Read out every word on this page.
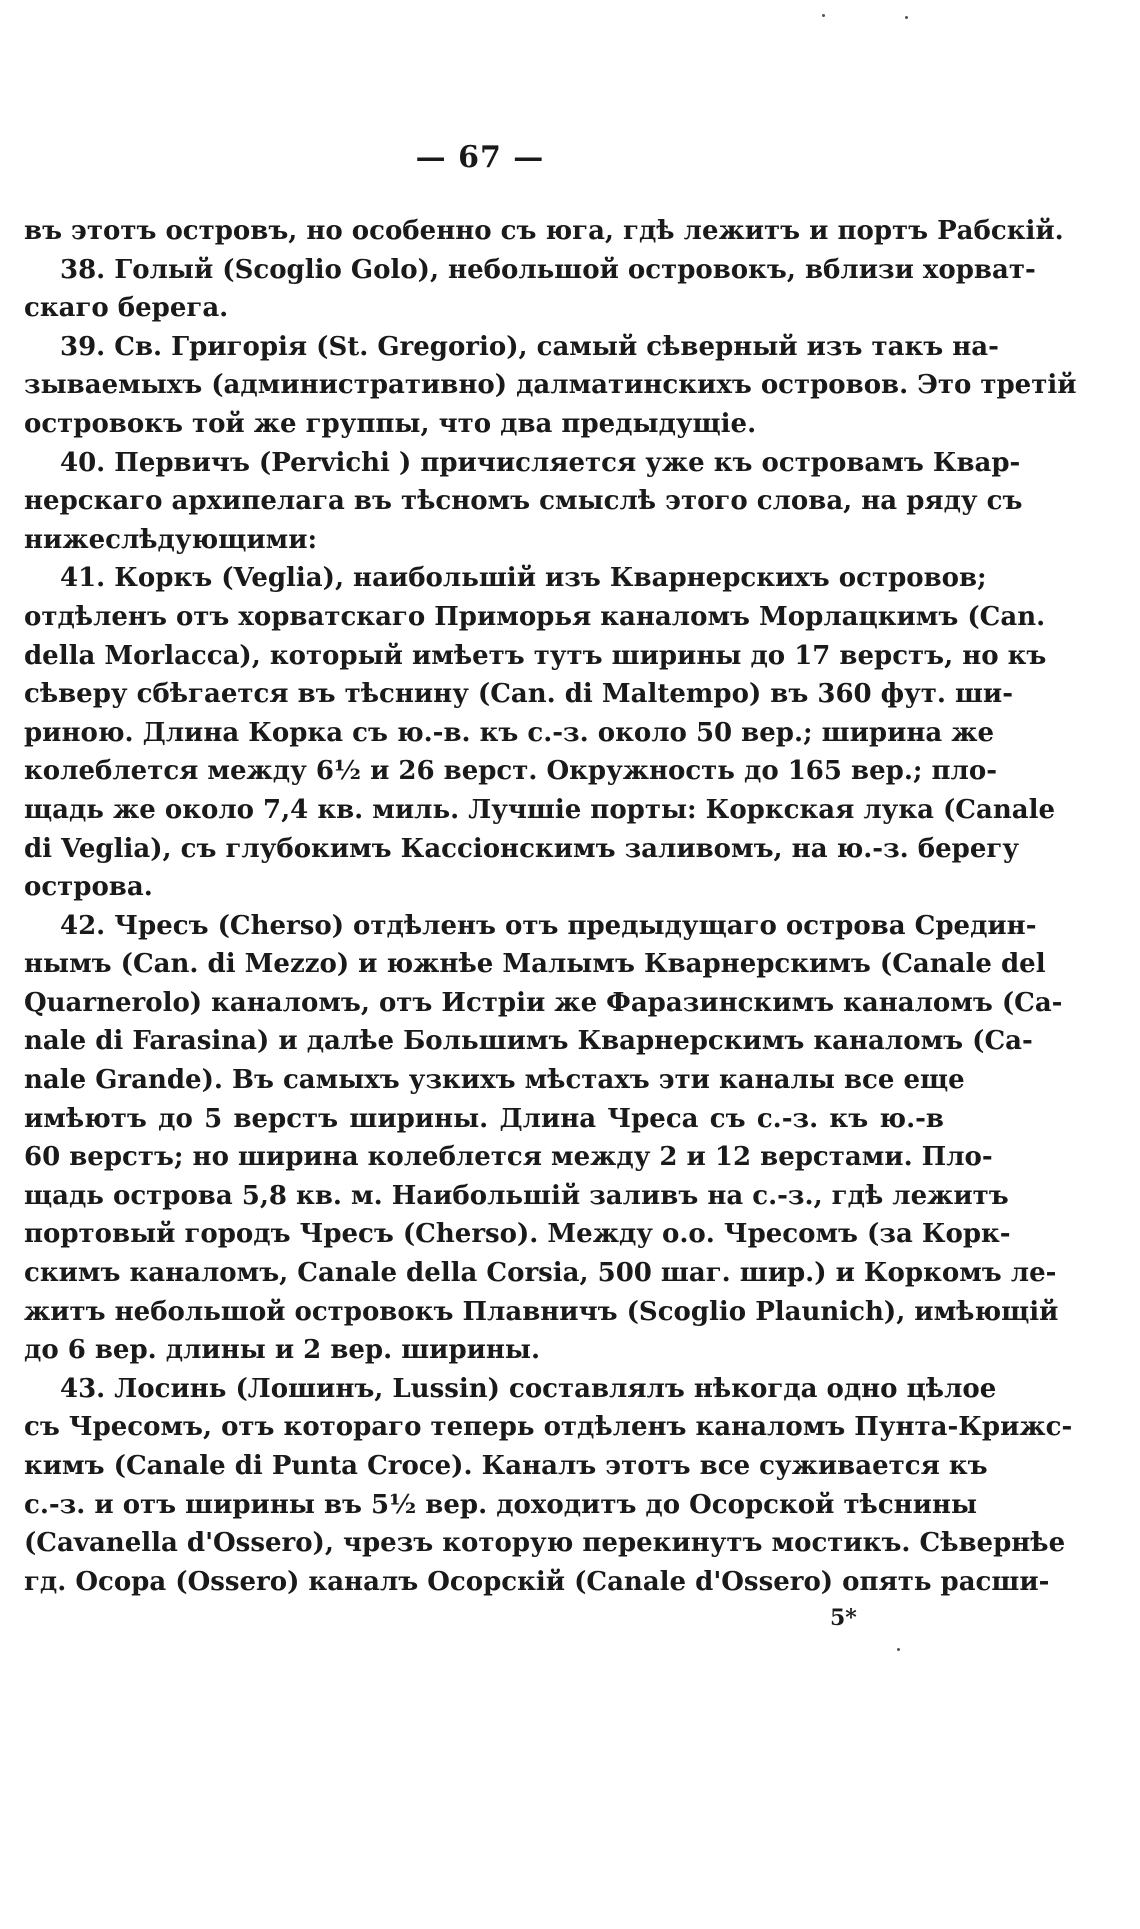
— 67 —
въ этотъ островъ, но особенно съ юга, гдѣ лежитъ и портъ Рабскій.
38. Голый (Scoglio Golo), небольшой островокъ, вблизи хорват-
скаго берега.
39. Св. Григорія (St. Gregorio), самый сѣверный изъ такъ на-
зываемыхъ (административно) далматинскихъ островов. Это третій
островокъ той же группы, что два предыдущіе.
40. Первичъ (Pervichi ) причисляется уже къ островамъ Квар-
нерскаго архипелага въ тѣсномъ смыслѣ этого слова, на ряду съ
нижеслѣдующими:
41. Коркъ (Veglia), наибольшій изъ Кварнерскихъ островов;
отдѣленъ отъ хорватскаго Приморья каналомъ Морлацкимъ (Can.
della Morlacca), который имѣетъ тутъ ширины до 17 верстъ, но къ
сѣверу сбѣгается въ тѣснину (Can. di Maltempo) въ 360 фут. ши-
риною. Длина Корка съ ю.-в. къ с.-з. около 50 вер.; ширина же
колеблется между 6½ и 26 верст. Окружность до 165 вер.; пло-
щадь же около 7,4 кв. миль. Лучшіе порты: Коркская лука (Canale
di Veglia), съ глубокимъ Кассіонскимъ заливомъ, на ю.-з. берегу
острова.
42. Чресъ (Cherso) отдѣленъ отъ предыдущаго острова Средин-
нымъ (Can. di Mezzo) и южнѣе Малымъ Кварнерскимъ (Canale del
Quarnerolo) каналомъ, отъ Истріи же Фаразинскимъ каналомъ (Ca-
nale di Farasina) и далѣе Большимъ Кварнерскимъ каналомъ (Ca-
nale Grande). Въ самыхъ узкихъ мѣстахъ эти каналы все еще
имѣютъ до 5 верстъ ширины. Длина Чреса съ с.-з. къ ю.-в
60 верстъ; но ширина колеблется между 2 и 12 верстами. Пло-
щадь острова 5,8 кв. м. Наибольшій заливъ на с.-з., гдѣ лежитъ
портовый городъ Чресъ (Cherso). Между о.о. Чресомъ (за Корк-
скимъ каналомъ, Canale della Corsia, 500 шаг. шир.) и Коркомъ ле-
житъ небольшой островокъ Плавничъ (Scoglio Plaunich), имѣющій
до 6 вер. длины и 2 вер. ширины.
43. Лосинь (Лошинъ, Lussin) составлялъ нѣкогда одно цѣлое
съ Чресомъ, отъ котораго теперь отдѣленъ каналомъ Пунта-Крижс-
кимъ (Canale di Punta Croce). Каналъ этотъ все суживается къ
с.-з. и отъ ширины въ 5½ вер. доходитъ до Осорской тѣснины
(Cavanella d'Ossero), чрезъ которую перекинутъ мостикъ. Сѣвернѣе
гд. Осора (Ossero) каналъ Осорскій (Canale d'Ossero) опять расши-
5*
